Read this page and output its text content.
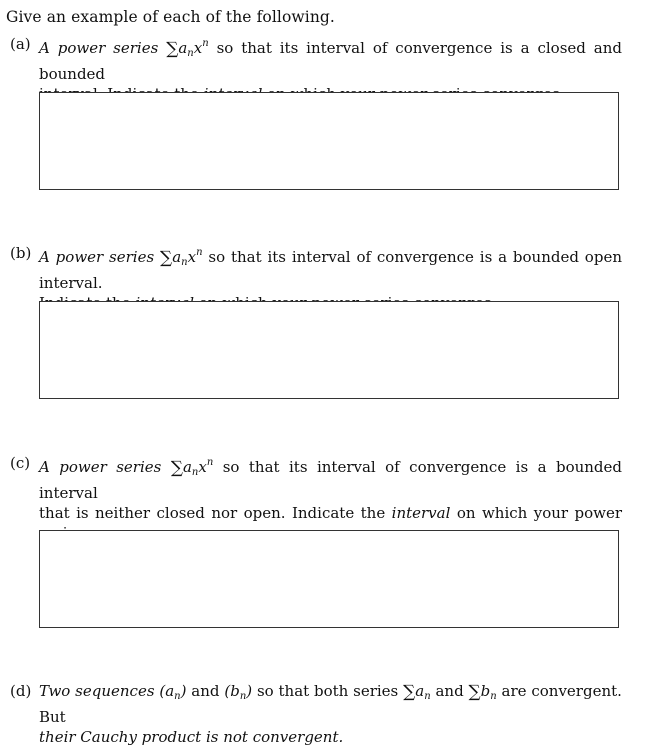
Give an example of each of the following.
(a) A power series $\sum a_nx^n$ so that its interval of convergence is a closed and bounded
(b) A power series $\sum a_nx^n$ so that its interval of convergence is a bounded open interval.
(c) A power series $\sum a_nx^n$ so that its interval of convergence is a bounded interval
that is neither closed nor open. Indicate the interval on which your power
(d) Two sequences $(a_n)$ and $(b_n)$ so that both series $\sum a_n$ and $\sum b_n$ are convergent. But
their Cauchy product is not convergent.
